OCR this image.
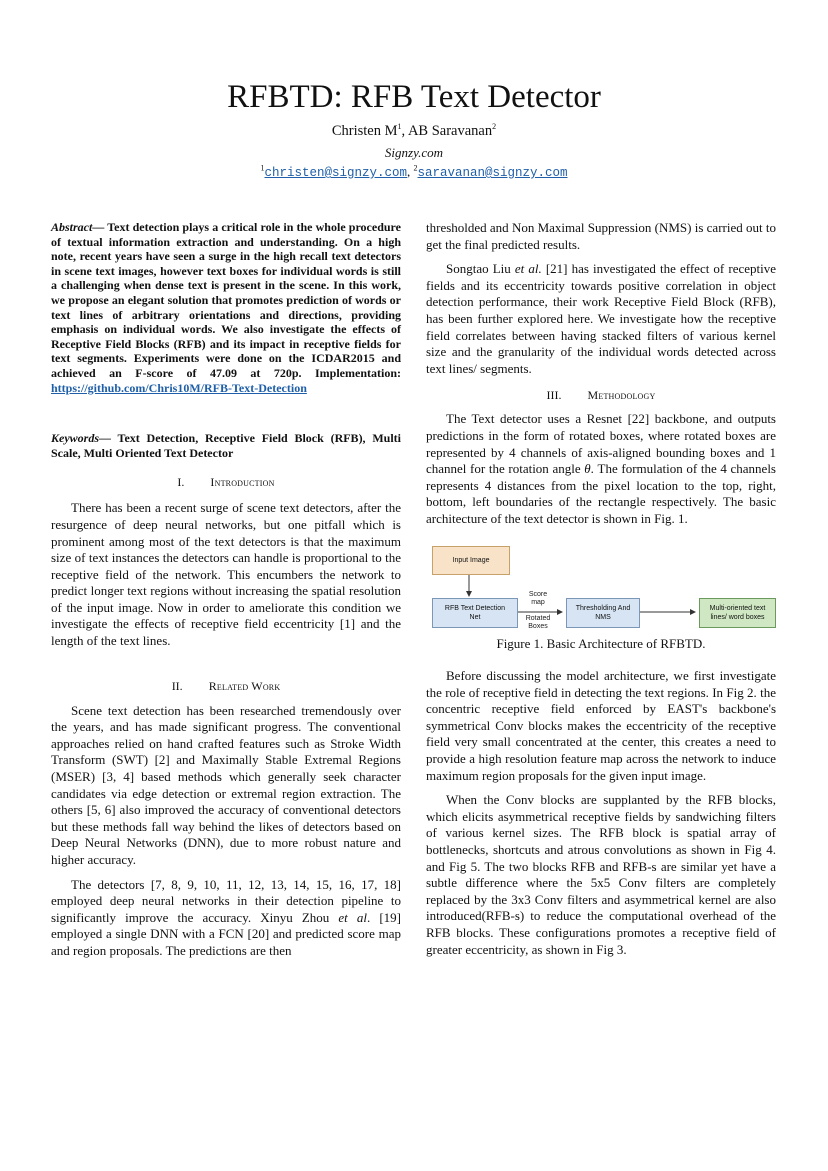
RFBTD: RFB Text Detector
Christen $M^1$, AB Saravanan$^2$
Signzy.com
$^1$christen@signzy.com, $^2$saravanan@signzy.com

Abstract— Text detection plays a critical role in the whole procedure of textual information extraction and understanding. On a high note, recent years have seen a surge in the high recall text detectors in scene text images, however text boxes for individual words is still a challenging when dense text is present in the scene. In this work, we propose an elegant solution that promotes prediction of words or text lines of arbitrary orientations and directions, providing emphasis on individual words. We also investigate the effects of Receptive Field Blocks (RFB) and its impact in receptive fields for text segments. Experiments were done on the ICDAR2015 and achieved an F-score of 47.09 at 720p. Implementation: https://github.com/Chris10M/RFB-Text-Detection

Keywords— Text Detection, Receptive Field Block (RFB), Multi Scale, Multi Oriented Text Detector

I. Introduction

There has been a recent surge of scene text detectors, after the resurgence of deep neural networks, but one pitfall which is prominent among most of the text detectors is that the maximum size of text instances the detectors can handle is proportional to the receptive field of the network. This encumbers the network to predict longer text regions without increasing the spatial resolution of the input image. Now in order to ameliorate this condition we investigate the effects of receptive field eccentricity [1] and the length of the text lines.

II. Related Work

Scene text detection has been researched tremendously over the years, and has made significant progress. The conventional approaches relied on hand crafted features such as Stroke Width Transform (SWT) [2] and Maximally Stable Extremal Regions (MSER) [3, 4] based methods which generally seek character candidates via edge detection or extremal region extraction. The others [5, 6] also improved the accuracy of conventional detectors but these methods fall way behind the likes of detectors based on Deep Neural Networks (DNN), due to more robust nature and higher accuracy.

The detectors [7, 8, 9, 10, 11, 12, 13, 14, 15, 16, 17, 18] employed deep neural networks in their detection pipeline to significantly improve the accuracy. Xinyu Zhou et al. [19] employed a single DNN with a FCN [20] and predicted score map and region proposals. The predictions are then

thresholded and Non Maximal Suppression (NMS) is carried out to get the final predicted results.

Songtao Liu et al. [21] has investigated the effect of receptive fields and its eccentricity towards positive correlation in object detection performance, their work Receptive Field Block (RFB), has been further explored here. We investigate how the receptive field correlates between having stacked filters of various kernel size and the granularity of the individual words detected across text lines/ segments.

III. Methodology

The Text detector uses a Resnet [22] backbone, and outputs predictions in the form of rotated boxes, where rotated boxes are represented by 4 channels of axis-aligned bounding boxes and 1 channel for the rotation angle θ. The formulation of the 4 channels represents 4 distances from the pixel location to the top, right, bottom, left boundaries of the rectangle respectively. The basic architecture of the text detector is shown in Fig. 1.

Input Image
RFB Text Detection Net
Score map
Rotated Boxes
Thresholding And NMS
Multi-oriented text lines/ word boxes

Figure 1. Basic Architecture of RFBTD.

Before discussing the model architecture, we first investigate the role of receptive field in detecting the text regions. In Fig 2. the concentric receptive field enforced by EAST's backbone's symmetrical Conv blocks makes the eccentricity of the receptive field very small concentrated at the center, this creates a need to provide a high resolution feature map across the network to induce maximum region proposals for the given input image.

When the Conv blocks are supplanted by the RFB blocks, which elicits asymmetrical receptive fields by sandwiching filters of various kernel sizes. The RFB block is spatial array of bottlenecks, shortcuts and atrous convolutions as shown in Fig 4. and Fig 5. The two blocks RFB and RFB-s are similar yet have a subtle difference where the 5x5 Conv filters are completely replaced by the 3x3 Conv filters and asymmetrical kernel are also introduced(RFB-s) to reduce the computational overhead of the RFB blocks. These configurations promotes a receptive field of greater eccentricity, as shown in Fig 3.
